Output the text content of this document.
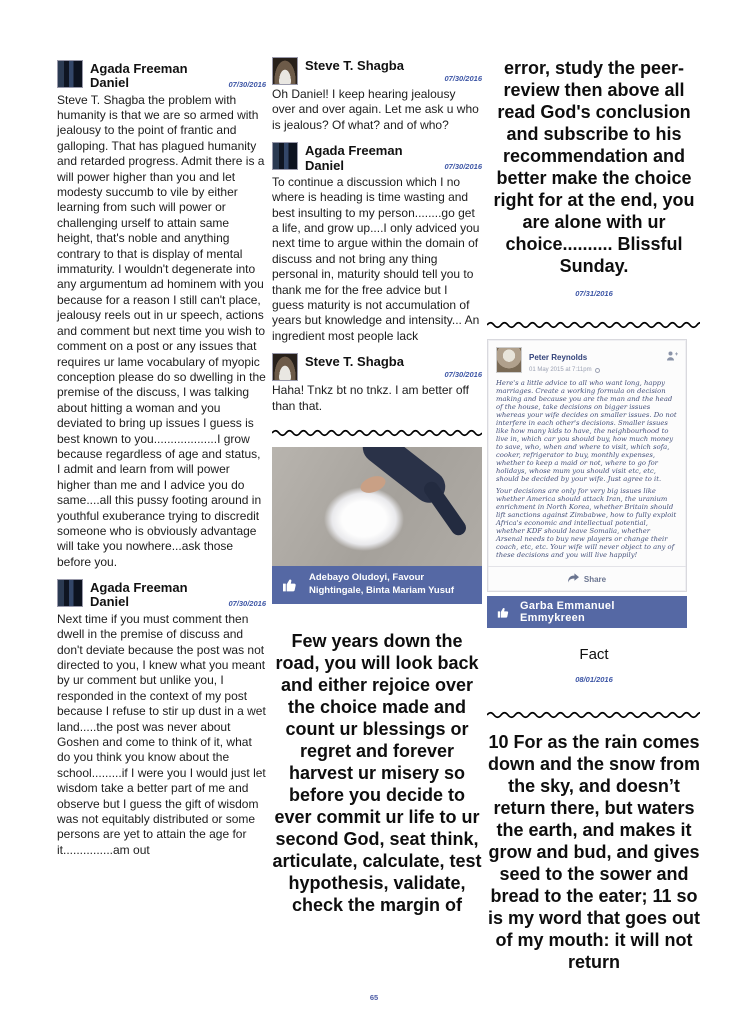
Agada Freeman Daniel	07/30/2016
Steve T. Shagba the problem with humanity is that we are so armed with jealousy to the point of frantic and galloping. That has plagued humanity and retarded progress. Admit there is a will power higher than you and let modesty succumb to vile by either learning from such will power or challenging urself to attain same height, that's noble and anything contrary to that is display of mental immaturity. I wouldn't degenerate into any argumentum ad hominem with you because for a reason I still can't place, jealousy reels out in ur speech, actions and comment but next time you wish to comment on a post or any issues that requires ur lame vocabulary of myopic conception please do so dwelling in the premise of the discuss, I was talking about hitting a woman and you deviated to bring up issues I guess is best known to you...................I grow because regardless of age and status, I admit and learn from will power higher than me and I advice you do same....all this pussy footing around in youthful exuberance trying to discredit someone who is obviously advantage will take you nowhere...ask those before you.
Agada Freeman Daniel	07/30/2016
Next time if you must comment then dwell in the premise of discuss and don't deviate because the post was not directed to you, I knew what you meant by ur comment but unlike you, I responded in the context of my post because I refuse to stir up dust in a wet land.....the post was never about Goshen and come to think of it, what do you think you know about the school.........if I were you I would just let wisdom take a better part of me and observe but I guess the gift of wisdom was not equitably distributed or some persons are yet to attain the age for it...............am out
Steve T. Shagba
07/30/2016
Oh Daniel! I keep hearing jealousy over and over again. Let me ask u who is jealous? Of what? and of who?
Agada Freeman Daniel	07/30/2016
To continue a discussion which I no where is heading is time wasting and best insulting to my person........go get a life, and grow up....I only adviced you next time to argue within the domain of discuss and not bring any thing personal in, maturity should tell you to thank me for the free advice but I guess maturity is not accumulation of years but knowledge and intensity... An ingredient most people lack
Steve T. Shagba
07/30/2016
Haha! Tnkz bt no tnkz. I am better off than that.
Adebayo Oludoyi, Favour Nightingale, Binta Mariam Yusuf
Few years down the road, you will look back and either rejoice over the choice made and count ur blessings or regret and forever harvest ur misery so before you decide to ever commit ur life to ur second God, seat think, articulate, calculate, test hypothesis, validate, check the margin of
error, study the peer-review then above all read God's conclusion and subscribe to his recommendation and better make the choice right for at the end, you are alone with ur choice.......... Blissful Sunday.
07/31/2016
Peter Reynolds
01 May 2015 at 7:11pm

Here's a little advice to all who want long, happy marriages. Create a working formula on decision making and because you are the man and the head of the house, take decisions on bigger issues whereas your wife decides on smaller issues. Do not interfere in each other's decisions. Smaller issues like how many kids to have, the neighbourhood to live in, which car you should buy, how much money to save, who, when and where to visit, which sofa, cooker, refrigerator to buy, monthly expenses, whether to keep a maid or not, where to go for holidays, whose mum you should visit etc, etc, should be decided by your wife. Just agree to it.

Your decisions are only for very big issues like whether America should attack Iran, the uranium enrichment in North Korea, whether Britain should lift sanctions against Zimbabwe, how to fully exploit Africa's economic and intellectual potential, whether KDF should leave Somalia, whether Arsenal needs to buy new players or change their coach, etc, etc. Your wife will never object to any of these decisions and you will live happily!

Share
Garba Emmanuel Emmykreen
Fact
08/01/2016
10 For as the rain comes down and the snow from the sky, and doesn’t return there, but waters the earth, and makes it grow and bud, and gives seed to the sower and bread to the eater; 11 so is my word that goes out of my mouth: it will not return
65
